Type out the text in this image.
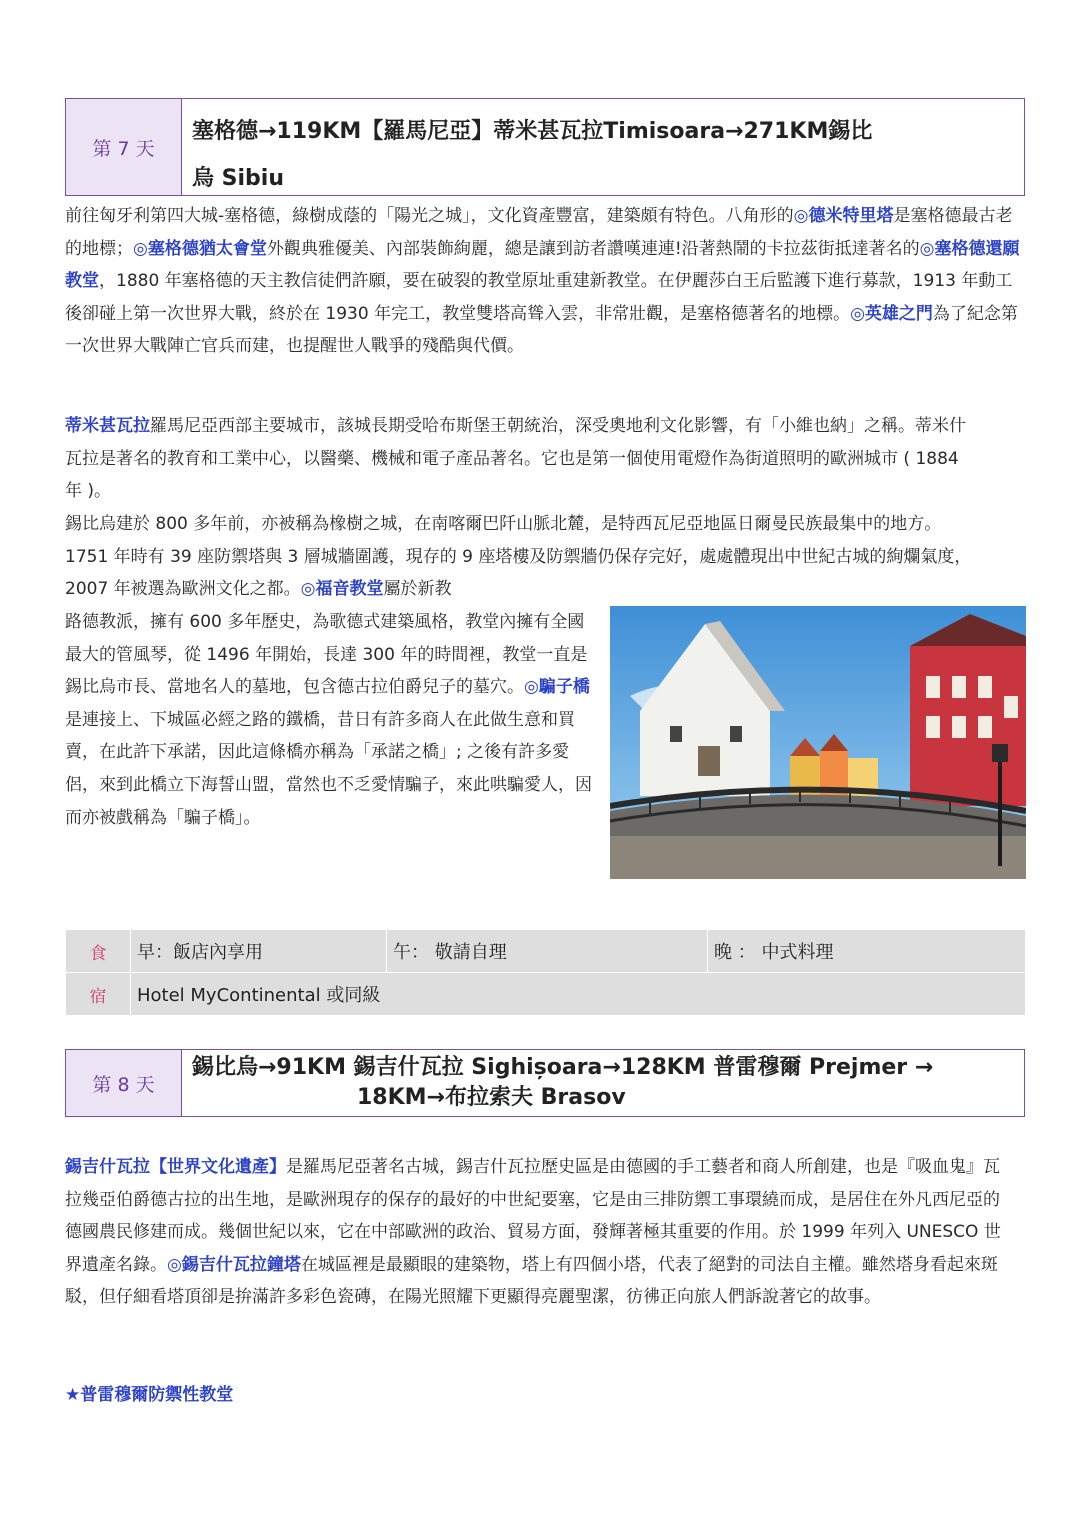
第 7 天
塞格德→119KM【羅馬尼亞】蒂米甚瓦拉Timisoara→271KM錫比
烏 Sibiu

前往匈牙利第四大城-塞格德，綠樹成蔭的「陽光之城」，文化資產豐富，建築頗有特色。八角形的◎德米特里塔是塞格德最古老的地標；◎塞格德猶太會堂外觀典雅優美、內部裝飾絢麗，總是讓到訪者讚嘆連連!沿著熱鬧的卡拉茲街抵達著名的◎塞格德還願教堂，1880 年塞格德的天主教信徒們許願，要在破裂的教堂原址重建新教堂。在伊麗莎白王后監護下進行募款，1913 年動工後卻碰上第一次世界大戰，終於在 1930 年完工，教堂雙塔高聳入雲，非常壯觀，是塞格德著名的地標。◎英雄之門為了紀念第一次世界大戰陣亡官兵而建，也提醒世人戰爭的殘酷與代價。

蒂米甚瓦拉羅馬尼亞西部主要城市，該城長期受哈布斯堡王朝統治，深受奧地利文化影響，有「小維也納」之稱。蒂米什瓦拉是著名的教育和工業中心，以醫藥、機械和電子產品著名。它也是第一個使用電燈作為街道照明的歐洲城市 ( 1884 年 )。

錫比烏建於 800 多年前，亦被稱為橡樹之城，在南喀爾巴阡山脈北麓，是特西瓦尼亞地區日爾曼民族最集中的地方。1751 年時有 39 座防禦塔與 3 層城牆圍護，現存的 9 座塔樓及防禦牆仍保存完好，處處體現出中世紀古城的絢爛氣度，2007 年被選為歐洲文化之都。◎福音教堂屬於新教

路德教派，擁有 600 多年歷史，為歌德式建築風格，教堂內擁有全國最大的管風琴，從 1496 年開始，長達 300 年的時間裡，教堂一直是錫比烏市長、當地名人的墓地，包含德古拉伯爵兒子的墓穴。◎騙子橋是連接上、下城區必經之路的鐵橋，昔日有許多商人在此做生意和買賣，在此許下承諾，因此這條橋亦稱為「承諾之橋」; 之後有許多愛侶，來到此橋立下海誓山盟，當然也不乏愛情騙子，來此哄騙愛人，因而亦被戲稱為「騙子橋」。

食	早：飯店內享用	午： 敬請自理	晚 ： 中式料理
宿	Hotel MyContinental 或同級		
第 8 天
錫比烏→91KM 錫吉什瓦拉 Sighișoara→128KM 普雷穆爾 Prejmer →
18KM→布拉索夫 Brasov

錫吉什瓦拉【世界文化遺產】是羅馬尼亞著名古城，錫吉什瓦拉歷史區是由德國的手工藝者和商人所創建，也是『吸血鬼』瓦拉幾亞伯爵德古拉的出生地，是歐洲現存的保存的最好的中世紀要塞，它是由三排防禦工事環繞而成，是居住在外凡西尼亞的德國農民修建而成。幾個世紀以來，它在中部歐洲的政治、貿易方面，發輝著極其重要的作用。於 1999 年列入 UNESCO 世界遺產名錄。◎錫吉什瓦拉鐘塔在城區裡是最顯眼的建築物，塔上有四個小塔，代表了絕對的司法自主權。雖然塔身看起來斑駁，但仔細看塔頂卻是拚滿許多彩色瓷磚，在陽光照耀下更顯得亮麗聖潔，彷彿正向旅人們訴說著它的故事。

★普雷穆爾防禦性教堂
